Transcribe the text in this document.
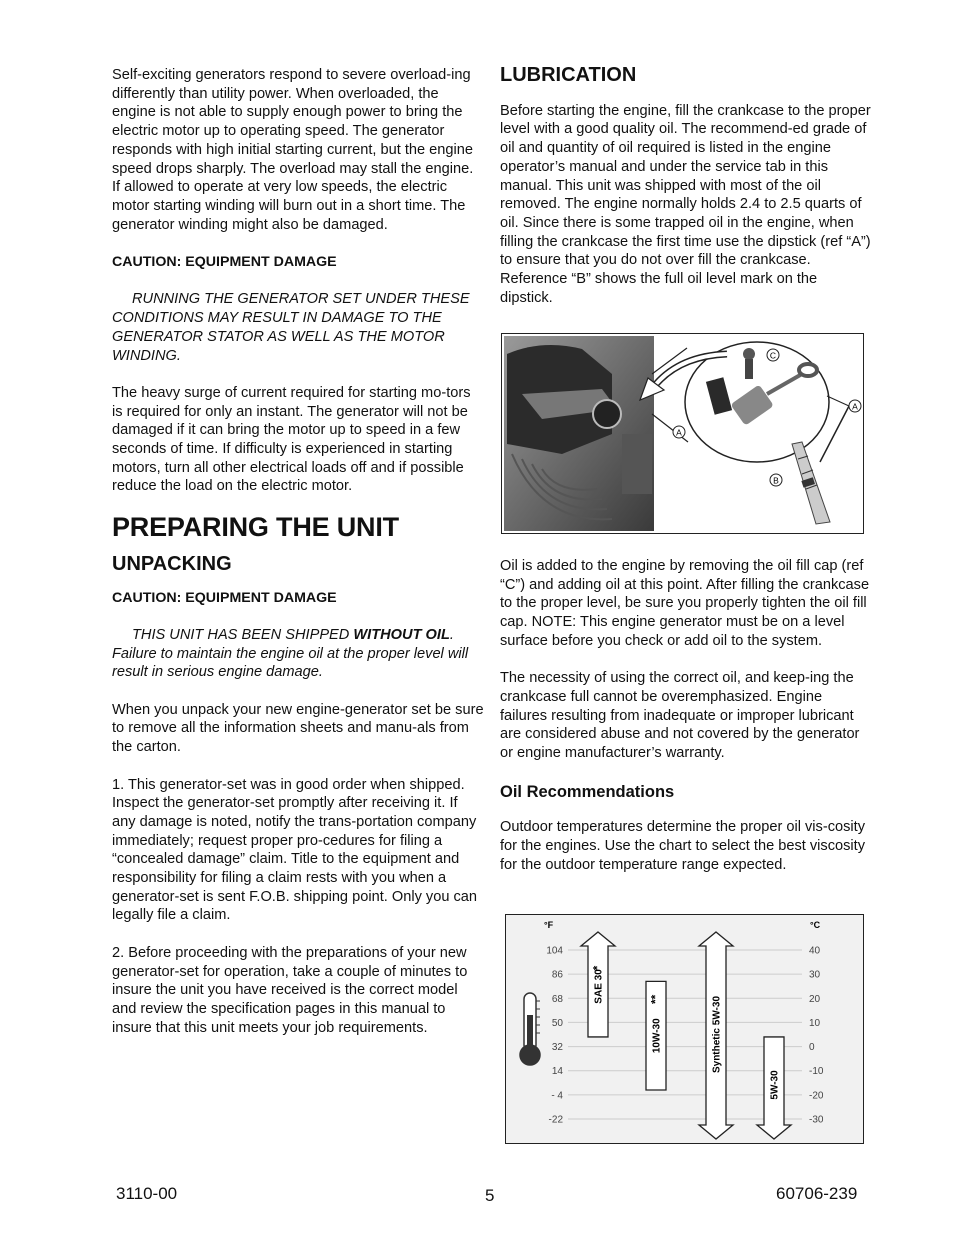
Self-exciting generators respond to severe overload-ing differently than utility power. When overloaded, the engine is not able to supply enough power to bring the electric motor up to operating speed. The generator responds with high initial starting current, but the engine speed drops sharply. The overload may stall the engine. If allowed to operate at very low speeds, the electric motor starting winding will burn out in a short time. The generator winding might also be damaged.

CAUTION: EQUIPMENT DAMAGE

RUNNING THE GENERATOR SET UNDER THESE CONDITIONS MAY RESULT IN DAMAGE TO THE GENERATOR STATOR AS WELL AS THE MOTOR WINDING.

The heavy surge of current required for starting mo-tors is required for only an instant. The generator will not be damaged if it can bring the motor up to speed in a few seconds of time. If difficulty is experienced in starting motors, turn all other electrical loads off and if possible reduce the load on the electric motor.

PREPARING THE UNIT
UNPACKING

CAUTION: EQUIPMENT DAMAGE

THIS UNIT HAS BEEN SHIPPED WITHOUT OIL. Failure to maintain the engine oil at the proper level will result in serious engine damage.

When you unpack your new engine-generator set be sure to remove all the information sheets and manu-als from the carton.

1. This generator-set was in good order when shipped. Inspect the generator-set promptly after receiving it. If any damage is noted, notify the trans-portation company immediately; request proper pro-cedures for filing a “concealed damage” claim. Title to the equipment and responsibility for filing a claim rests with you when a generator-set is sent F.O.B. shipping point. Only you can legally file a claim.

2. Before proceeding with the preparations of your new generator-set for operation, take a couple of minutes to insure the unit you have received is the correct model and review the specification pages in this manual to insure that this unit meets your job requirements.

LUBRICATION

Before starting the engine, fill the crankcase to the proper level with a good quality oil. The recommend-ed grade of oil and quantity of oil required is listed in the engine operator’s manual and under the service tab in this manual. This unit was shipped with most of the oil removed. The engine normally holds 2.4 to 2.5 quarts of oil. Since there is some trapped oil in the engine, when filling the crankcase the first time use the dipstick (ref “A”) to ensure that you do not over fill the crankcase. Reference “B” shows the full oil level mark on the dipstick.

Oil is added to the engine by removing the oil fill cap (ref “C”) and adding oil at this point. After filling the crankcase to the proper level, be sure you properly tighten the oil fill cap. NOTE: This engine generator must be on a level surface before you check or add oil to the system.

The necessity of using the correct oil, and keep-ing the crankcase full cannot be overemphasized. Engine failures resulting from inadequate or improper lubricant are considered abuse and not covered by the generator or engine manufacturer’s warranty.

Oil Recommendations

Outdoor temperatures determine the proper oil vis-cosity for the engines. Use the chart to select the best viscosity for the outdoor temperature range expected.

C
A
A
B
°F	°C
104
86
68
50
32
14
- 4
-22
40
30
20
10
0
-10
-20
-30
SAE 30
*
10W-30
**	Synthetic 5W-30
5W-30
3110-00	5	60706-239
